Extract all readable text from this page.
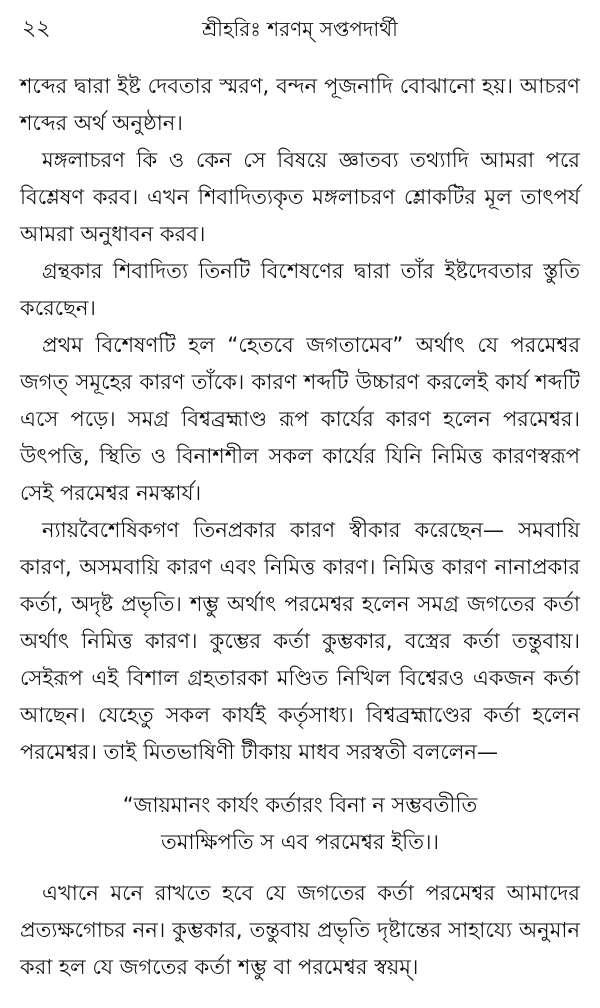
২২	শ্রীহরিঃ শরণম্ সপ্তপদার্থী

শব্দের দ্বারা ইষ্ট দেবতার স্মরণ, বন্দন পূজনাদি বোঝানো হয়। আচরণ শব্দের অর্থ অনুষ্ঠান।

মঙ্গলাচরণ কি ও কেন সে বিষয়ে জ্ঞাতব্য তথ্যাদি আমরা পরে বিশ্লেষণ করব। এখন শিবাদিত্যকৃত মঙ্গলাচরণ শ্লোকটির মূল তাৎপর্য আমরা অনুধাবন করব।

গ্রন্থকার শিবাদিত্য তিনটি বিশেষণের দ্বারা তাঁর ইষ্টদেবতার স্তুতি করেছেন।

প্রথম বিশেষণটি হল “হেতবে জগতামেব” অর্থাৎ যে পরমেশ্বর জগত্ সমূহের কারণ তাঁকে। কারণ শব্দটি উচ্চারণ করলেই কার্য শব্দটি এসে পড়ে। সমগ্র বিশ্বব্রহ্মাণ্ড রূপ কার্যের কারণ হলেন পরমেশ্বর। উৎপত্তি, স্থিতি ও বিনাশশীল সকল কার্যের যিনি নিমিত্ত কারণস্বরূপ সেই পরমেশ্বর নমস্কার্য।

ন্যায়বৈশেষিকগণ তিনপ্রকার কারণ স্বীকার করেছেন— সমবায়ি কারণ, অসমবায়ি কারণ এবং নিমিত্ত কারণ। নিমিত্ত কারণ নানাপ্রকার কর্তা, অদৃষ্ট প্রভৃতি। শম্ভু অর্থাৎ পরমেশ্বর হলেন সমগ্র জগতের কর্তা অর্থাৎ নিমিত্ত কারণ। কুম্ভের কর্তা কুম্ভকার, বস্ত্রের কর্তা তন্তুবায়। সেইরূপ এই বিশাল গ্রহতারকা মণ্ডিত নিখিল বিশ্বেরও একজন কর্তা আছেন। যেহেতু সকল কার্যই কর্তৃসাধ্য। বিশ্বব্রহ্মাণ্ডের কর্তা হলেন পরমেশ্বর। তাই মিতভাষিণী টীকায় মাধব সরস্বতী বললেন—

“জায়মানং কার্যং কর্তারং বিনা ন সম্ভবতীতি
তমাক্ষিপতি স এব পরমেশ্বর ইতি।।

এখানে মনে রাখতে হবে যে জগতের কর্তা পরমেশ্বর আমাদের প্রত্যক্ষগোচর নন। কুম্ভকার, তন্তুবায় প্রভৃতি দৃষ্টান্তের সাহায্যে অনুমান করা হল যে জগতের কর্তা শম্ভু বা পরমেশ্বর স্বয়ম্।
